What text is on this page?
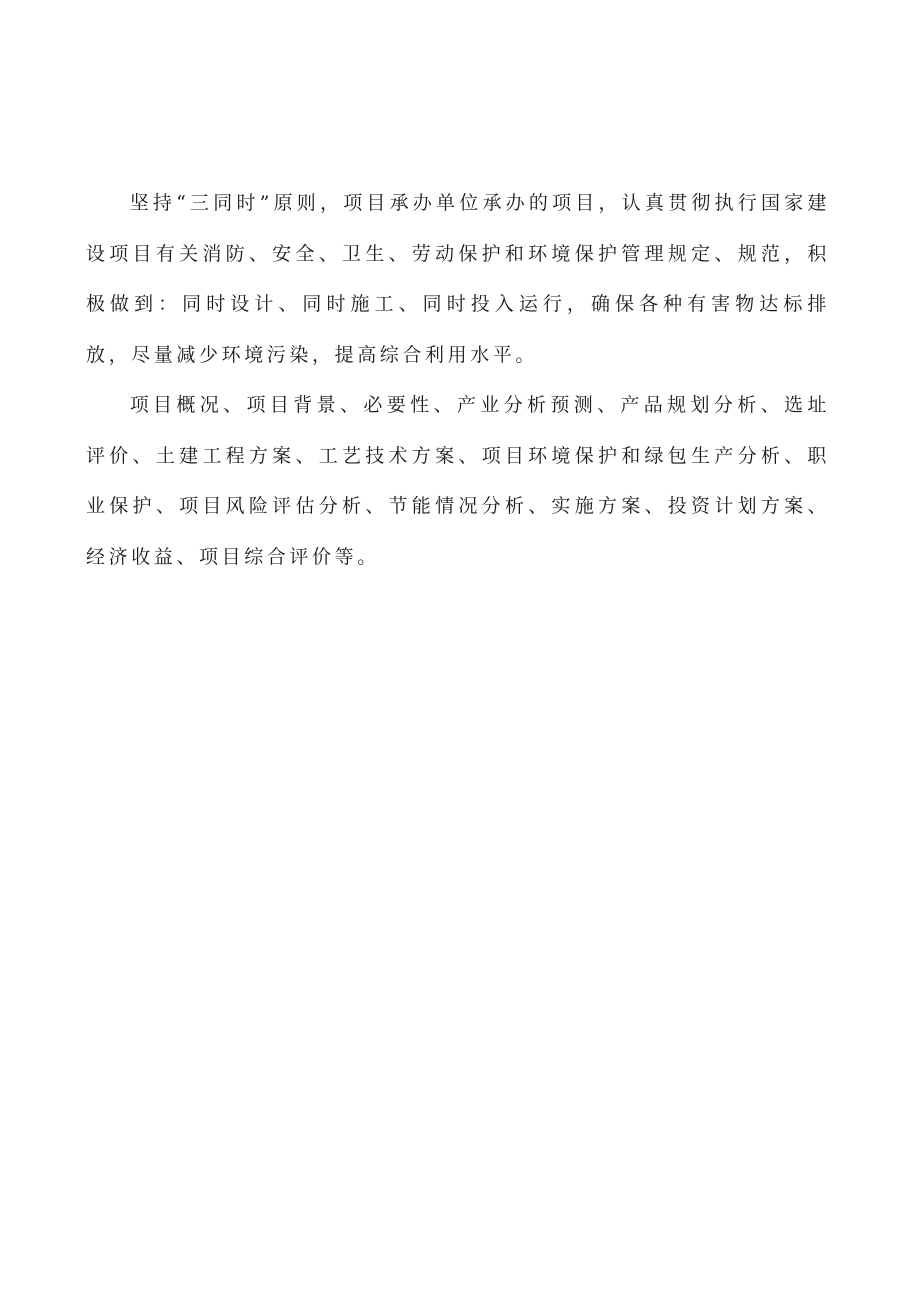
坚持“三同时”原则，项目承办单位承办的项目，认真贯彻执行国家建设项目有关消防、安全、卫生、劳动保护和环境保护管理规定、规范，积极做到：同时设计、同时施工、同时投入运行，确保各种有害物达标排放，尽量减少环境污染，提高综合利用水平。

项目概况、项目背景、必要性、产业分析预测、产品规划分析、选址评价、土建工程方案、工艺技术方案、项目环境保护和绿包生产分析、职业保护、项目风险评估分析、节能情况分析、实施方案、投资计划方案、经济收益、项目综合评价等。
